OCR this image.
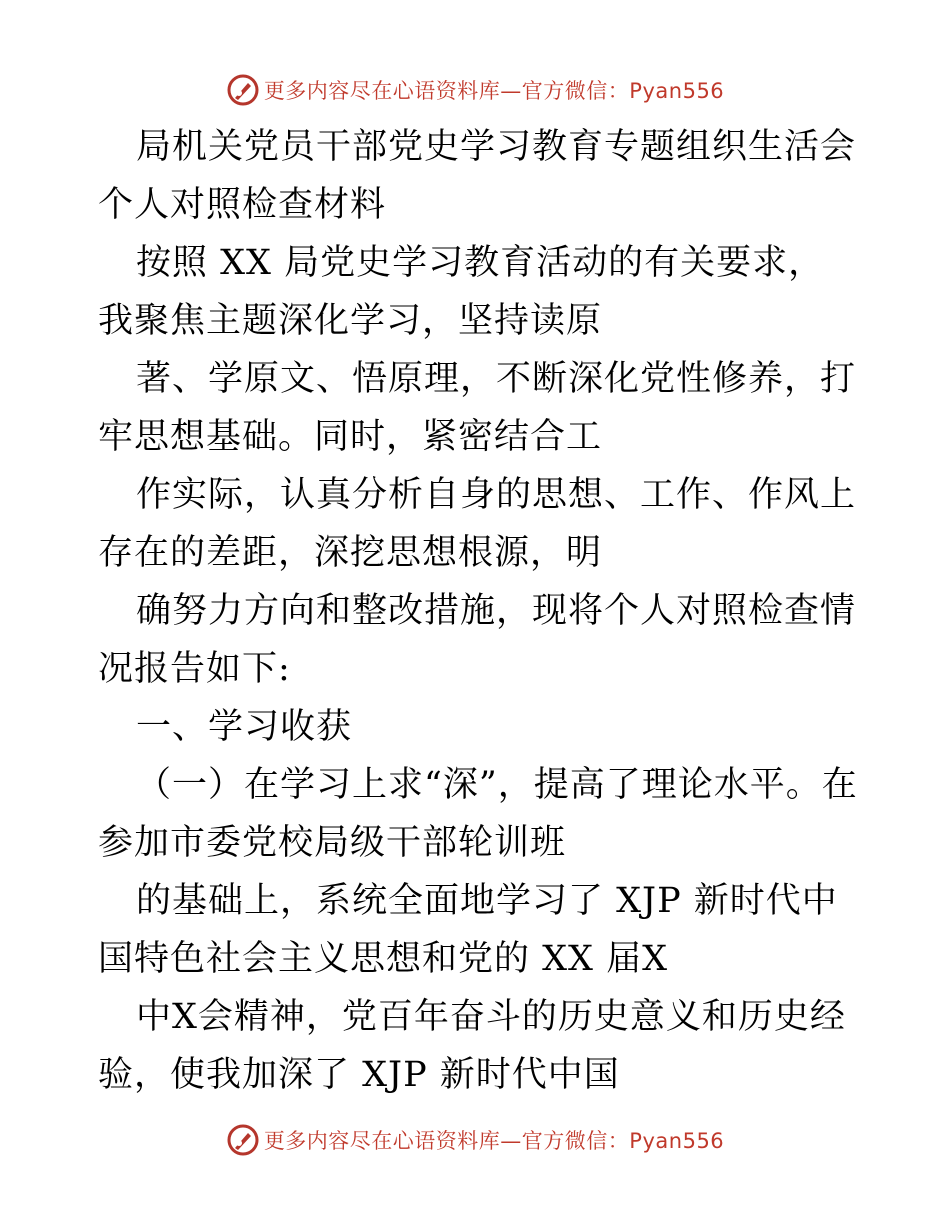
更多内容尽在心语资料库—官方微信：Pyan556

局机关党员干部党史学习教育专题组织生活会个人对照检查材料

按照 XX 局党史学习教育活动的有关要求，我聚焦主题深化学习，坚持读原

著、学原文、悟原理，不断深化党性修养，打牢思想基础。同时，紧密结合工

作实际，认真分析自身的思想、工作、作风上存在的差距，深挖思想根源，明

确努力方向和整改措施，现将个人对照检查情况报告如下:

一、学习收获

（一）在学习上求“深”，提高了理论水平。在参加市委党校局级干部轮训班

的基础上，系统全面地学习了 XJP 新时代中国特色社会主义思想和党的 XX 届X

中X会精神，党百年奋斗的历史意义和历史经验，使我加深了 XJP 新时代中国

更多内容尽在心语资料库—官方微信：Pyan556
